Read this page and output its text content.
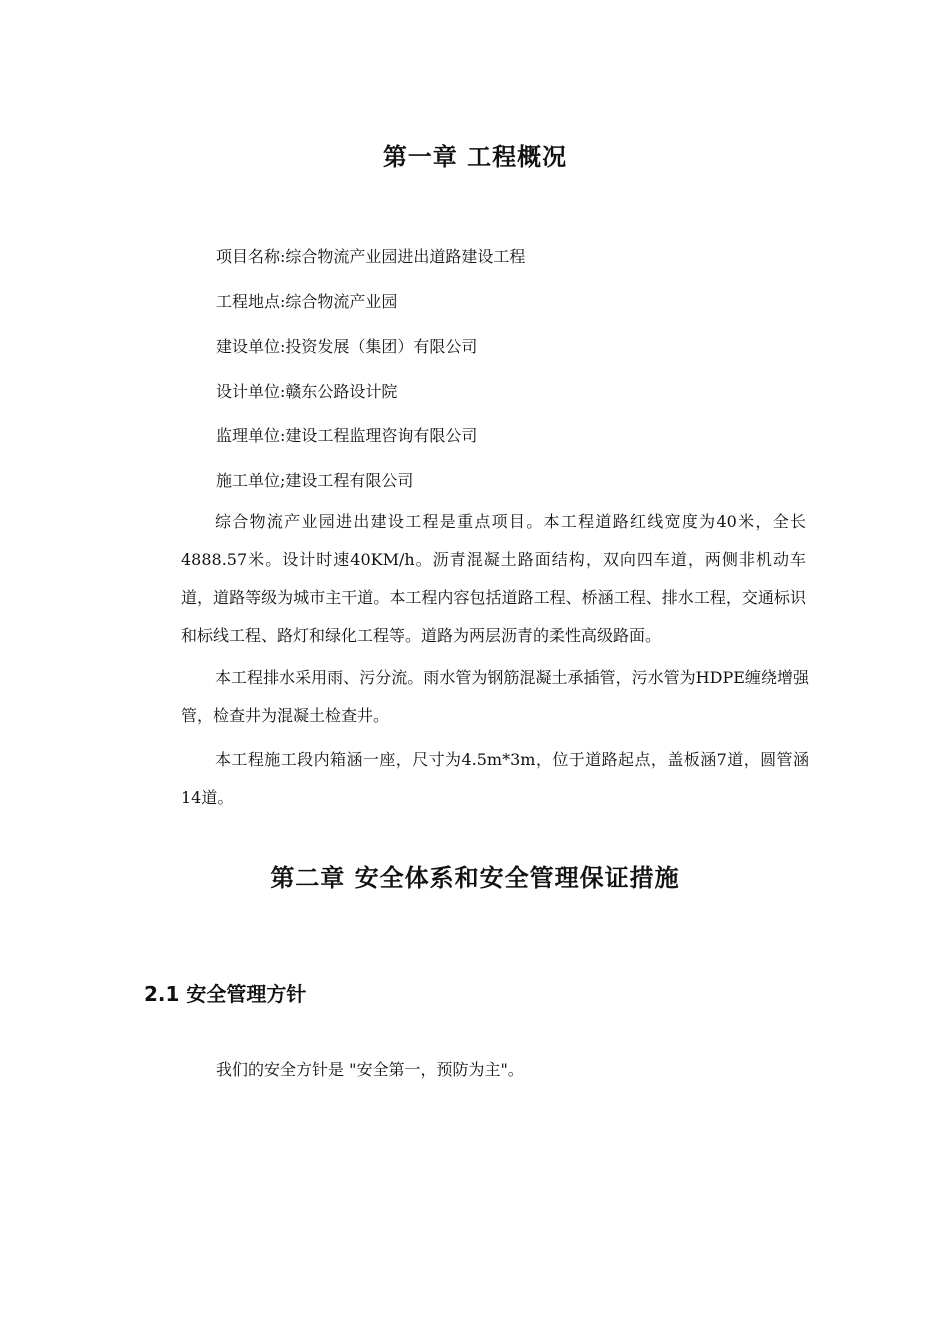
第一章 工程概况
项目名称:综合物流产业园进出道路建设工程
工程地点:综合物流产业园
建设单位:投资发展（集团）有限公司
设计单位:赣东公路设计院
监理单位:建设工程监理咨询有限公司
施工单位;建设工程有限公司
综合物流产业园进出建设工程是重点项目。本工程道路红线宽度为40米，全长4888.57米。设计时速40KM/h。沥青混凝土路面结构，双向四车道，两侧非机动车道，道路等级为城市主干道。本工程内容包括道路工程、桥涵工程、排水工程，交通标识和标线工程、路灯和绿化工程等。道路为两层沥青的柔性高级路面。
本工程排水采用雨、污分流。雨水管为钢筋混凝土承插管，污水管为HDPE缠绕增强管，检查井为混凝土检查井。
本工程施工段内箱涵一座，尺寸为4.5m*3m，位于道路起点，盖板涵7道，圆管涵14道。
第二章 安全体系和安全管理保证措施
2.1 安全管理方针
我们的安全方针是 "安全第一，预防为主"。
